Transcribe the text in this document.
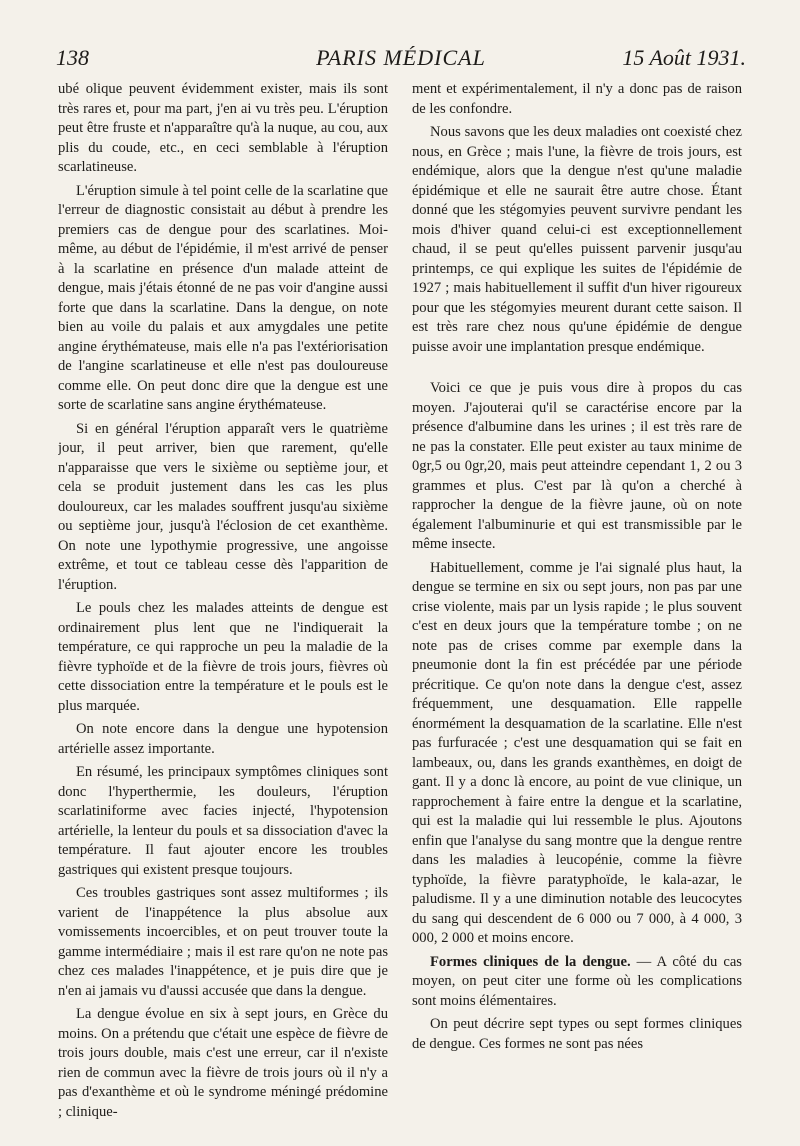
138	PARIS MÉDICAL	15 Août 1931.

ubé olique peuvent évidemment exister, mais ils sont très rares et, pour ma part, j'en ai vu très peu. L'éruption peut être fruste et n'apparaître qu'à la nuque, au cou, aux plis du coude, etc., en ceci semblable à l'éruption scarlatineuse.

L'éruption simule à tel point celle de la scarlatine que l'erreur de diagnostic consistait au début à prendre les premiers cas de dengue pour des scarlatines. Moi-même, au début de l'épidémie, il m'est arrivé de penser à la scarlatine en présence d'un malade atteint de dengue, mais j'étais étonné de ne pas voir d'angine aussi forte que dans la scarlatine. Dans la dengue, on note bien au voile du palais et aux amygdales une petite angine érythémateuse, mais elle n'a pas l'extériorisation de l'angine scarlatineuse et elle n'est pas douloureuse comme elle. On peut donc dire que la dengue est une sorte de scarlatine sans angine érythémateuse.

Si en général l'éruption apparaît vers le quatrième jour, il peut arriver, bien que rarement, qu'elle n'apparaisse que vers le sixième ou septième jour, et cela se produit justement dans les cas les plus douloureux, car les malades souffrent jusqu'au sixième ou septième jour, jusqu'à l'éclosion de cet exanthème. On note une lypothymie progressive, une angoisse extrême, et tout ce tableau cesse dès l'apparition de l'éruption.

Le pouls chez les malades atteints de dengue est ordinairement plus lent que ne l'indiquerait la température, ce qui rapproche un peu la maladie de la fièvre typhoïde et de la fièvre de trois jours, fièvres où cette dissociation entre la température et le pouls est le plus marquée.

On note encore dans la dengue une hypotension artérielle assez importante.

En résumé, les principaux symptômes cliniques sont donc l'hyperthermie, les douleurs, l'éruption scarlatiniforme avec facies injecté, l'hypotension artérielle, la lenteur du pouls et sa dissociation d'avec la température. Il faut ajouter encore les troubles gastriques qui existent presque toujours.

Ces troubles gastriques sont assez multiformes ; ils varient de l'inappétence la plus absolue aux vomissements incoercibles, et on peut trouver toute la gamme intermédiaire ; mais il est rare qu'on ne note pas chez ces malades l'inappétence, et je puis dire que je n'en ai jamais vu d'aussi accusée que dans la dengue.

La dengue évolue en six à sept jours, en Grèce du moins. On a prétendu que c'était une espèce de fièvre de trois jours double, mais c'est une erreur, car il n'existe rien de commun avec la fièvre de trois jours où il n'y a pas d'exanthème et où le syndrome méningé prédomine ; clinique-

ment et expérimentalement, il n'y a donc pas de raison de les confondre.

Nous savons que les deux maladies ont coexisté chez nous, en Grèce ; mais l'une, la fièvre de trois jours, est endémique, alors que la dengue n'est qu'une maladie épidémique et elle ne saurait être autre chose. Étant donné que les stégomyies peuvent survivre pendant les mois d'hiver quand celui-ci est exceptionnellement chaud, il se peut qu'elles puissent parvenir jusqu'au printemps, ce qui explique les suites de l'épidémie de 1927 ; mais habituellement il suffit d'un hiver rigoureux pour que les stégomyies meurent durant cette saison. Il est très rare chez nous qu'une épidémie de dengue puisse avoir une implantation presque endémique.

Voici ce que je puis vous dire à propos du cas moyen. J'ajouterai qu'il se caractérise encore par la présence d'albumine dans les urines ; il est très rare de ne pas la constater. Elle peut exister au taux minime de 0gr,5 ou 0gr,20, mais peut atteindre cependant 1, 2 ou 3 grammes et plus. C'est par là qu'on a cherché à rapprocher la dengue de la fièvre jaune, où on note également l'albuminurie et qui est transmissible par le même insecte.

Habituellement, comme je l'ai signalé plus haut, la dengue se termine en six ou sept jours, non pas par une crise violente, mais par un lysis rapide ; le plus souvent c'est en deux jours que la température tombe ; on ne note pas de crises comme par exemple dans la pneumonie dont la fin est précédée par une période précritique. Ce qu'on note dans la dengue c'est, assez fréquemment, une desquamation. Elle rappelle énormément la desquamation de la scarlatine. Elle n'est pas furfuracée ; c'est une desquamation qui se fait en lambeaux, ou, dans les grands exanthèmes, en doigt de gant. Il y a donc là encore, au point de vue clinique, un rapprochement à faire entre la dengue et la scarlatine, qui est la maladie qui lui ressemble le plus. Ajoutons enfin que l'analyse du sang montre que la dengue rentre dans les maladies à leucopénie, comme la fièvre typhoïde, la fièvre paratyphoïde, le kala-azar, le paludisme. Il y a une diminution notable des leucocytes du sang qui descendent de 6 000 ou 7 000, à 4 000, 3 000, 2 000 et moins encore.

Formes cliniques de la dengue. — A côté du cas moyen, on peut citer une forme où les complications sont moins élémentaires.

On peut décrire sept types ou sept formes cliniques de dengue. Ces formes ne sont pas nées
